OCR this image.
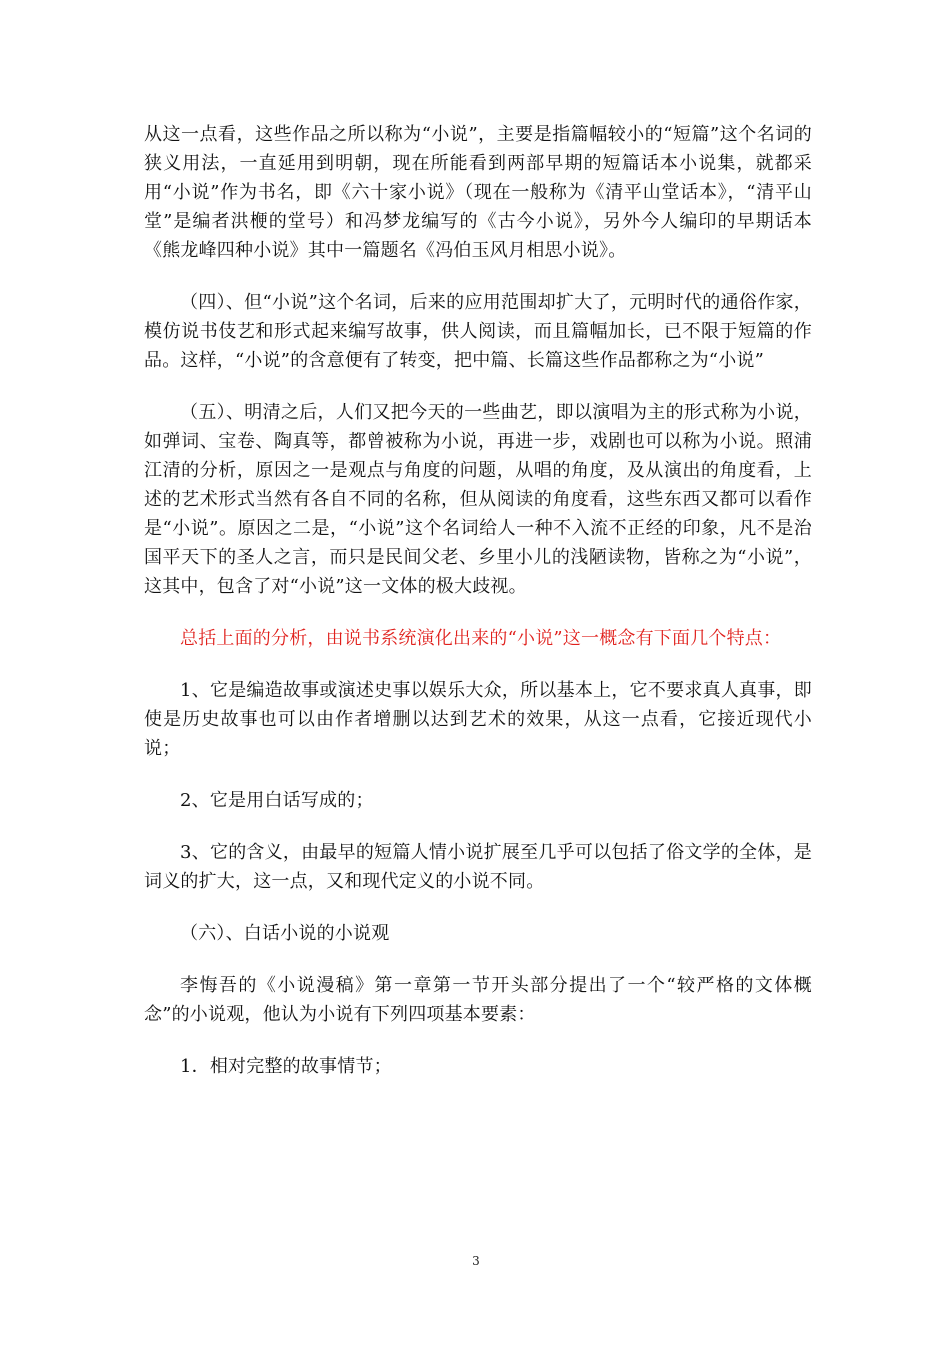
从这一点看，这些作品之所以称为“小说”，主要是指篇幅较小的“短篇”这个名词的狭义用法，一直延用到明朝，现在所能看到两部早期的短篇话本小说集，就都采用“小说”作为书名，即《六十家小说》（现在一般称为《清平山堂话本》，“清平山堂”是编者洪楩的堂号）和冯梦龙编写的《古今小说》，另外今人编印的早期话本《熊龙峰四种小说》其中一篇题名《冯伯玉风月相思小说》。

（四）、但“小说”这个名词，后来的应用范围却扩大了，元明时代的通俗作家，模仿说书伎艺和形式起来编写故事，供人阅读，而且篇幅加长，已不限于短篇的作品。这样，“小说”的含意便有了转变，把中篇、长篇这些作品都称之为“小说”

（五）、明清之后，人们又把今天的一些曲艺，即以演唱为主的形式称为小说，如弹词、宝卷、陶真等，都曾被称为小说，再进一步，戏剧也可以称为小说。照浦江清的分析，原因之一是观点与角度的问题，从唱的角度，及从演出的角度看，上述的艺术形式当然有各自不同的名称，但从阅读的角度看，这些东西又都可以看作是“小说”。原因之二是，“小说”这个名词给人一种不入流不正经的印象，凡不是治国平天下的圣人之言，而只是民间父老、乡里小儿的浅陋读物，皆称之为“小说”，这其中，包含了对“小说”这一文体的极大歧视。

总括上面的分析，由说书系统演化出来的“小说”这一概念有下面几个特点：

1、它是编造故事或演述史事以娱乐大众，所以基本上，它不要求真人真事，即使是历史故事也可以由作者增删以达到艺术的效果，从这一点看，它接近现代小说；

2、它是用白话写成的；

3、它的含义，由最早的短篇人情小说扩展至几乎可以包括了俗文学的全体，是词义的扩大，这一点，又和现代定义的小说不同。

（六）、白话小说的小说观

李悔吾的《小说漫稿》第一章第一节开头部分提出了一个“较严格的文体概念”的小说观，他认为小说有下列四项基本要素：

1．相对完整的故事情节；

3
